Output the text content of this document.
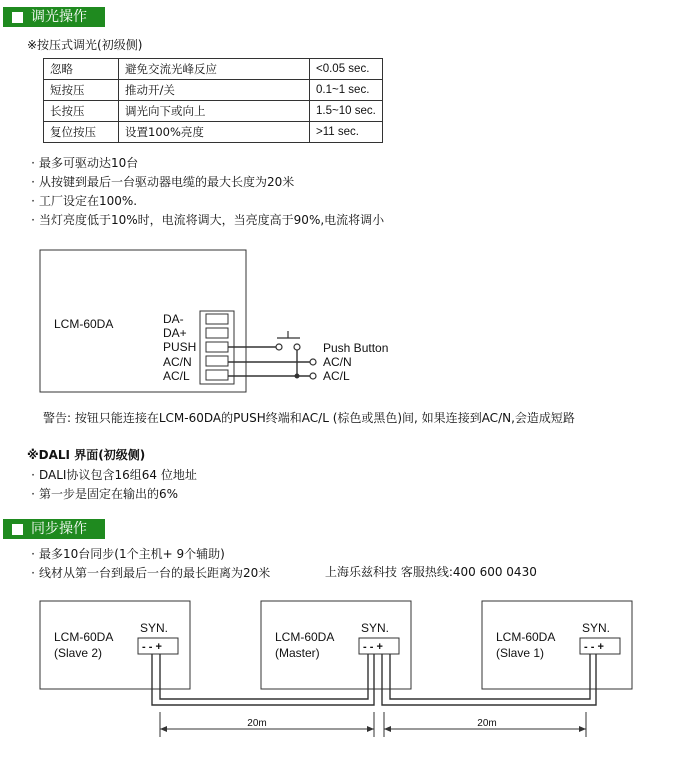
调光操作
※按压式调光(初级侧)
忽略	避免交流光峰反应	<0.05 sec.
短按压	推动开/关	0.1~1 sec.
长按压	调光向下或向上	1.5~10 sec.
复位按压	设置100%亮度	>11 sec.
· 最多可驱动达10台
· 从按键到最后一台驱动器电缆的最大长度为20米
· 工厂设定在100%.
· 当灯亮度低于10%时，电流将调大，当亮度高于90%,电流将调小
LCM-60DA	DA-
DA+
PUSH
AC/N
AC/L
Push Button
AC/N
AC/L
LCM-60DA
(Slave 2)
SYN.
LCM-60DA
(Master)
SYN.
LCM-60DA
(Slave 1)
SYN.
- - +	- - +	- - +
20m	20m
警告: 按钮只能连接在LCM-60DA的PUSH终端和AC/L (棕色或黑色)间, 如果连接到AC/N,会造成短路
※DALI 界面(初级侧)
· DALI协议包含16组64 位地址
· 第一步是固定在输出的6%
同步操作
· 最多10台同步(1个主机+ 9个辅助)
· 线材从第一台到最后一台的最长距离为20米	上海乐兹科技 客服热线:400 600 0430
